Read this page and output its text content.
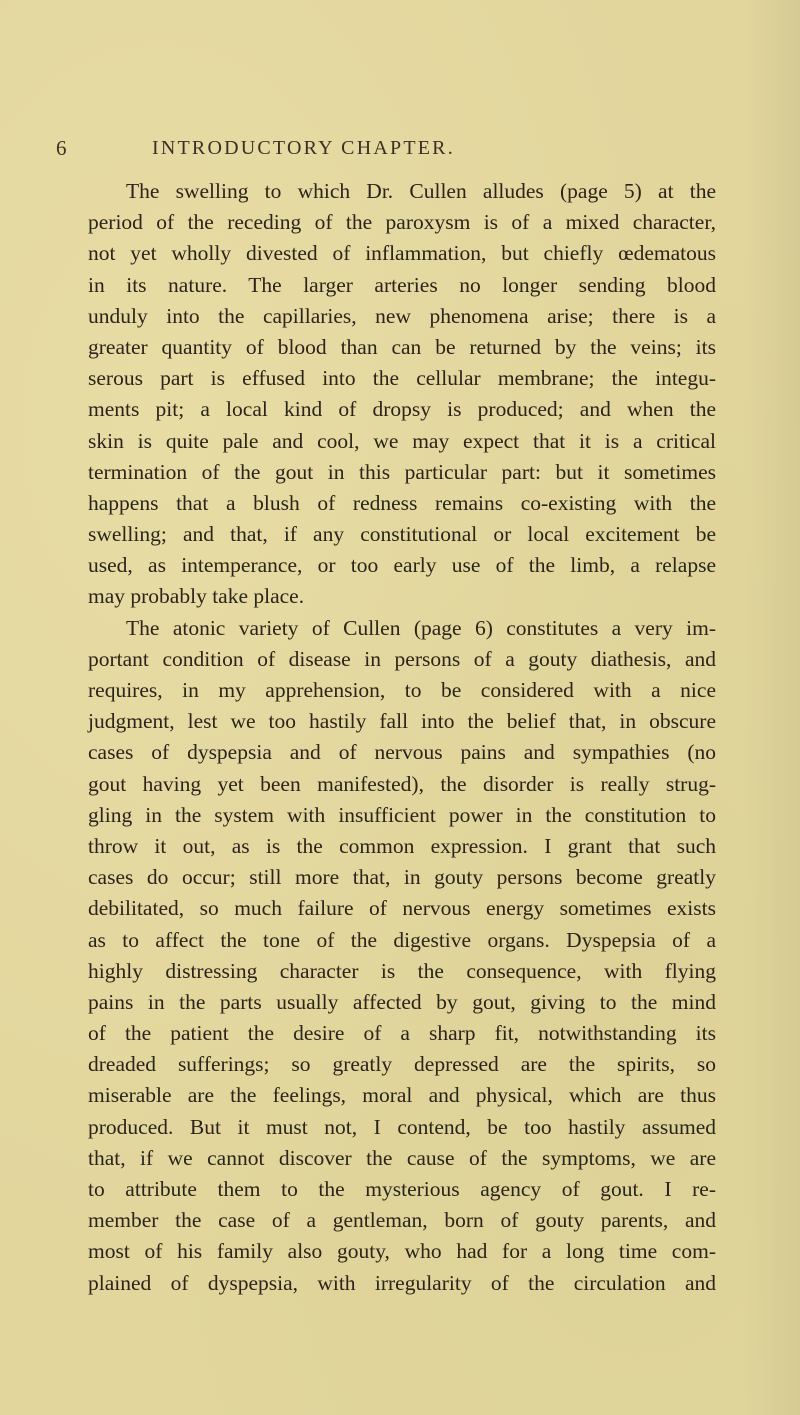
6	INTRODUCTORY CHAPTER.
The swelling to which Dr. Cullen alludes (page 5) at the
period of the receding of the paroxysm is of a mixed character,
not yet wholly divested of inflammation, but chiefly œdematous
in its nature. The larger arteries no longer sending blood
unduly into the capillaries, new phenomena arise; there is a
greater quantity of blood than can be returned by the veins; its
serous part is effused into the cellular membrane; the integu-
ments pit; a local kind of dropsy is produced; and when the
skin is quite pale and cool, we may expect that it is a critical
termination of the gout in this particular part: but it sometimes
happens that a blush of redness remains co-existing with the
swelling; and that, if any constitutional or local excitement be
used, as intemperance, or too early use of the limb, a relapse
may probably take place.
The atonic variety of Cullen (page 6) constitutes a very im-
portant condition of disease in persons of a gouty diathesis, and
requires, in my apprehension, to be considered with a nice
judgment, lest we too hastily fall into the belief that, in obscure
cases of dyspepsia and of nervous pains and sympathies (no
gout having yet been manifested), the disorder is really strug-
gling in the system with insufficient power in the constitution to
throw it out, as is the common expression. I grant that such
cases do occur; still more that, in gouty persons become greatly
debilitated, so much failure of nervous energy sometimes exists
as to affect the tone of the digestive organs. Dyspepsia of a
highly distressing character is the consequence, with flying
pains in the parts usually affected by gout, giving to the mind
of the patient the desire of a sharp fit, notwithstanding its
dreaded sufferings; so greatly depressed are the spirits, so
miserable are the feelings, moral and physical, which are thus
produced. But it must not, I contend, be too hastily assumed
that, if we cannot discover the cause of the symptoms, we are
to attribute them to the mysterious agency of gout. I re-
member the case of a gentleman, born of gouty parents, and
most of his family also gouty, who had for a long time com-
plained of dyspepsia, with irregularity of the circulation and
